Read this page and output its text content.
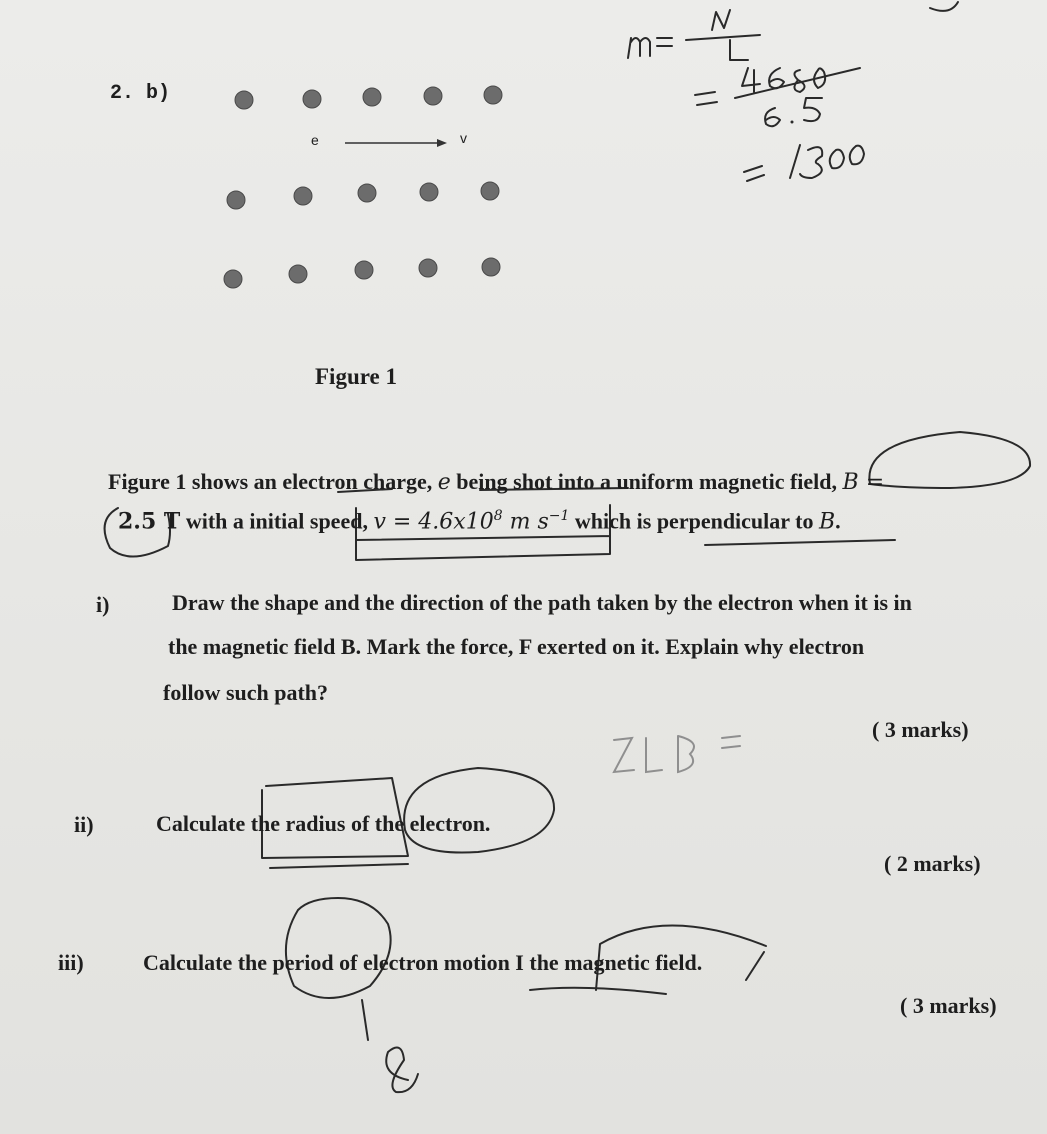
2. b)
e	v
Figure 1
Figure 1 shows an electron charge, e being shot into a uniform magnetic field, B =
2.5 T with a initial speed, $v = 4.6x10^8$ m $s^{-1}$ which is perpendicular to B.
i)	Draw the shape and the direction of the path taken by the electron when it is in
the magnetic field B. Mark the force, F exerted on it. Explain why electron
follow such path?
( 3 marks)
ii)	Calculate the radius of the electron.
( 2 marks)
iii)	Calculate the period of electron motion I the magnetic field.
( 3 marks)
